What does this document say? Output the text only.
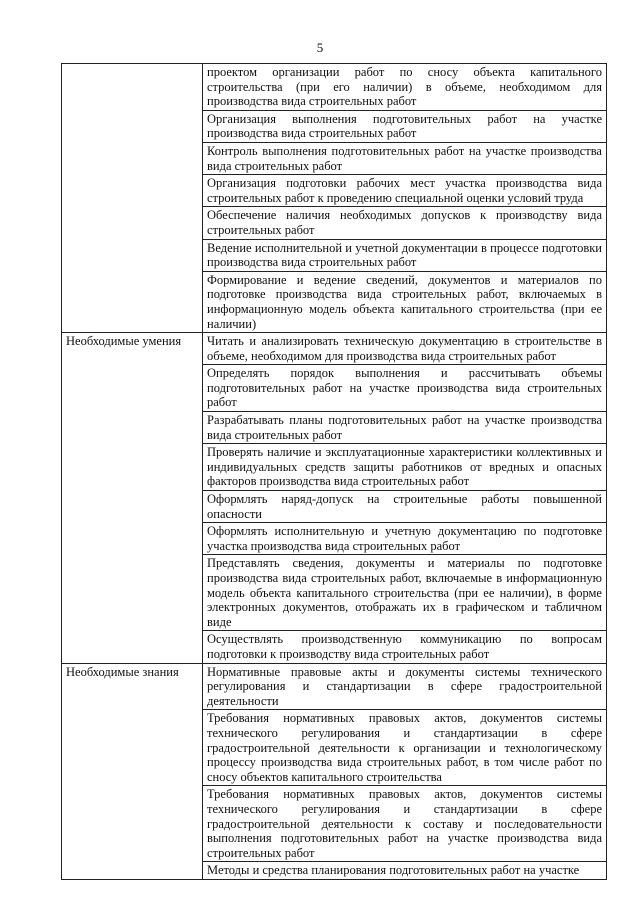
5
	проектом организации работ по сносу объекта капитального строительства (при его наличии) в объеме, необходимом для производства вида строительных работ
	Организация выполнения подготовительных работ на участке производства вида строительных работ
	Контроль выполнения подготовительных работ на участке производства вида строительных работ
	Организация подготовки рабочих мест участка производства вида строительных работ к проведению специальной оценки условий труда
	Обеспечение наличия необходимых допусков к производству вида строительных работ
	Ведение исполнительной и учетной документации в процессе подготовки производства вида строительных работ
	Формирование и ведение сведений, документов и материалов по подготовке производства вида строительных работ, включаемых в информационную модель объекта капитального строительства (при ее наличии)
Необходимые умения	Читать и анализировать техническую документацию в строительстве в объеме, необходимом для производства вида строительных работ
	Определять порядок выполнения и рассчитывать объемы подготовительных работ на участке производства вида строительных работ
	Разрабатывать планы подготовительных работ на участке производства вида строительных работ
	Проверять наличие и эксплуатационные характеристики коллективных и индивидуальных средств защиты работников от вредных и опасных факторов производства вида строительных работ
	Оформлять наряд-допуск на строительные работы повышенной опасности
	Оформлять исполнительную и учетную документацию по подготовке участка производства вида строительных работ
	Представлять сведения, документы и материалы по подготовке производства вида строительных работ, включаемые в информационную модель объекта капитального строительства (при ее наличии), в форме электронных документов, отображать их в графическом и табличном виде
	Осуществлять производственную коммуникацию по вопросам подготовки к производству вида строительных работ
Необходимые знания	Нормативные правовые акты и документы системы технического регулирования и стандартизации в сфере градостроительной деятельности
	Требования нормативных правовых актов, документов системы технического регулирования и стандартизации в сфере градостроительной деятельности к организации и технологическому процессу производства вида строительных работ, в том числе работ по сносу объектов капитального строительства
	Требования нормативных правовых актов, документов системы технического регулирования и стандартизации в сфере градостроительной деятельности к составу и последовательности выполнения подготовительных работ на участке производства вида строительных работ
	Методы и средства планирования подготовительных работ на участке
